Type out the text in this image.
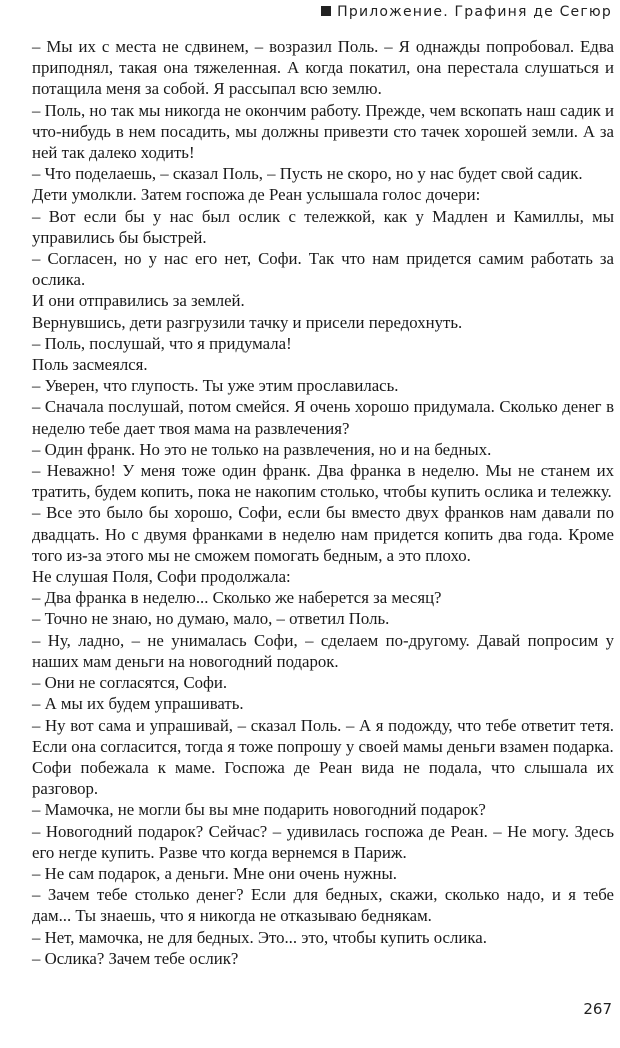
Приложение. Графиня де Сегюр

– Мы их с места не сдвинем, – возразил Поль. – Я однажды попробовал. Едва приподнял, такая она тяжеленная. А когда покатил, она перестала слушаться и потащила меня за собой. Я рассыпал всю землю.

– Поль, но так мы никогда не окончим работу. Прежде, чем вскопать наш садик и что-нибудь в нем посадить, мы должны привезти сто тачек хорошей земли. А за ней так далеко ходить!

– Что поделаешь, – сказал Поль, – Пусть не скоро, но у нас будет свой садик.

Дети умолкли. Затем госпожа де Реан услышала голос дочери:

– Вот если бы у нас был ослик с тележкой, как у Мадлен и Камиллы, мы управились бы быстрей.

– Согласен, но у нас его нет, Софи. Так что нам придется самим работать за ослика.

И они отправились за землей.

Вернувшись, дети разгрузили тачку и присели передохнуть.

– Поль, послушай, что я придумала!

Поль засмеялся.

– Уверен, что глупость. Ты уже этим прославилась.

– Сначала послушай, потом смейся. Я очень хорошо придумала. Сколько денег в неделю тебе дает твоя мама на развлечения?

– Один франк. Но это не только на развлечения, но и на бедных.

– Неважно! У меня тоже один франк. Два франка в неделю. Мы не станем их тратить, будем копить, пока не накопим столько, чтобы купить ослика и тележку.

– Все это было бы хорошо, Софи, если бы вместо двух франков нам давали по двадцать. Но с двумя франками в неделю нам придется копить два года. Кроме того из-за этого мы не сможем помогать бедным, а это плохо.

Не слушая Поля, Софи продолжала:

– Два франка в неделю... Сколько же наберется за месяц?

– Точно не знаю, но думаю, мало, – ответил Поль.

– Ну, ладно, – не унималась Софи, – сделаем по-другому. Давай попросим у наших мам деньги на новогодний подарок.

– Они не согласятся, Софи.

– А мы их будем упрашивать.

– Ну вот сама и упрашивай, – сказал Поль. – А я подожду, что тебе ответит тетя. Если она согласится, тогда я тоже попрошу у своей мамы деньги взамен подарка.

Софи побежала к маме. Госпожа де Реан вида не подала, что слышала их разговор.

– Мамочка, не могли бы вы мне подарить новогодний подарок?

– Новогодний подарок? Сейчас? – удивилась госпожа де Реан. – Не могу. Здесь его негде купить. Разве что когда вернемся в Париж.

– Не сам подарок, а деньги. Мне они очень нужны.

– Зачем тебе столько денег? Если для бедных, скажи, сколько надо, и я тебе дам... Ты знаешь, что я никогда не отказываю беднякам.

– Нет, мамочка, не для бедных. Это... это, чтобы купить ослика.

– Ослика? Зачем тебе ослик?

267
